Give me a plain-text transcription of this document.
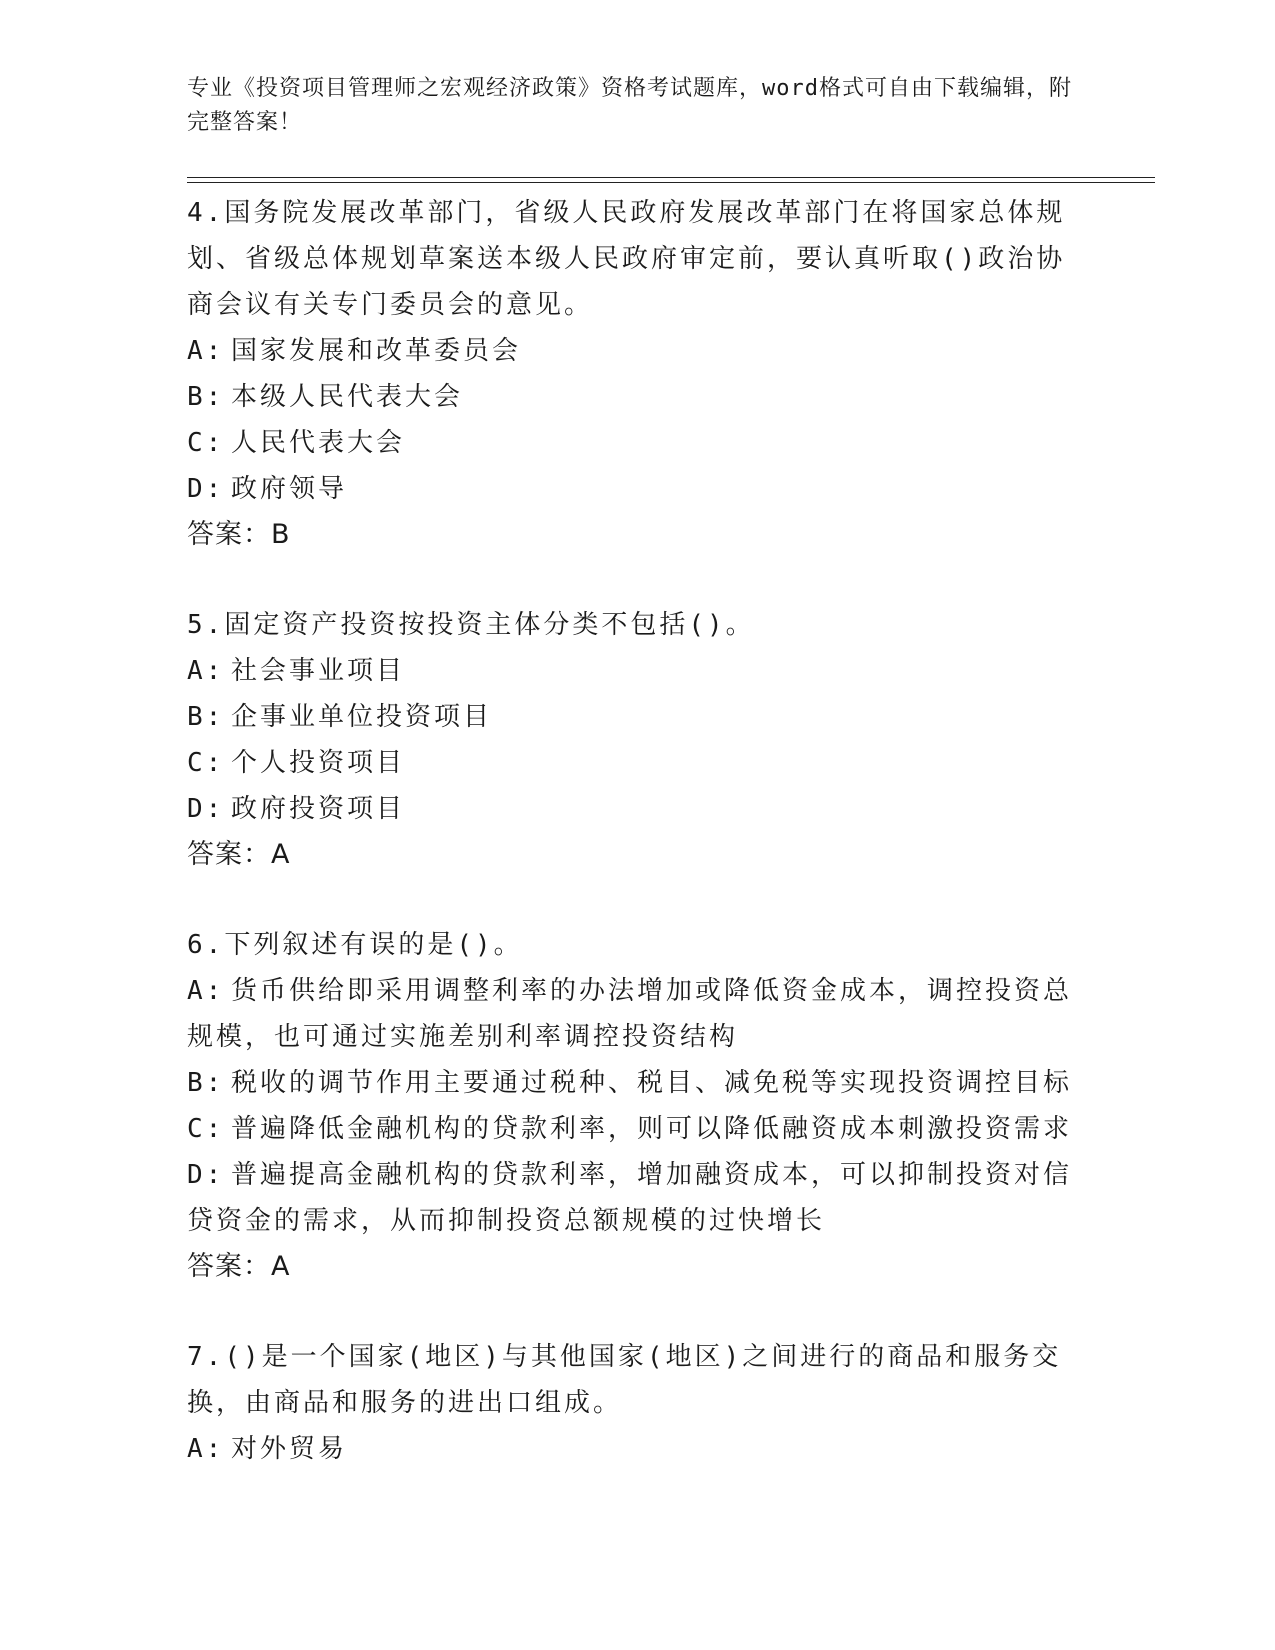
专业《投资项目管理师之宏观经济政策》资格考试题库，word格式可自由下载编辑，附完整答案！

4.国务院发展改革部门，省级人民政府发展改革部门在将国家总体规划、省级总体规划草案送本级人民政府审定前，要认真听取()政治协商会议有关专门委员会的意见。

A: 国家发展和改革委员会

B: 本级人民代表大会

C: 人民代表大会

D: 政府领导

答案：B

5.固定资产投资按投资主体分类不包括()。

A: 社会事业项目

B: 企事业单位投资项目

C: 个人投资项目

D: 政府投资项目

答案：A

6.下列叙述有误的是()。

A: 货币供给即采用调整利率的办法增加或降低资金成本，调控投资总规模，也可通过实施差别利率调控投资结构

B: 税收的调节作用主要通过税种、税目、减免税等实现投资调控目标

C: 普遍降低金融机构的贷款利率，则可以降低融资成本刺激投资需求

D: 普遍提高金融机构的贷款利率，增加融资成本，可以抑制投资对信贷资金的需求，从而抑制投资总额规模的过快增长

答案：A

7.()是一个国家(地区)与其他国家(地区)之间进行的商品和服务交换，由商品和服务的进出口组成。

A: 对外贸易
